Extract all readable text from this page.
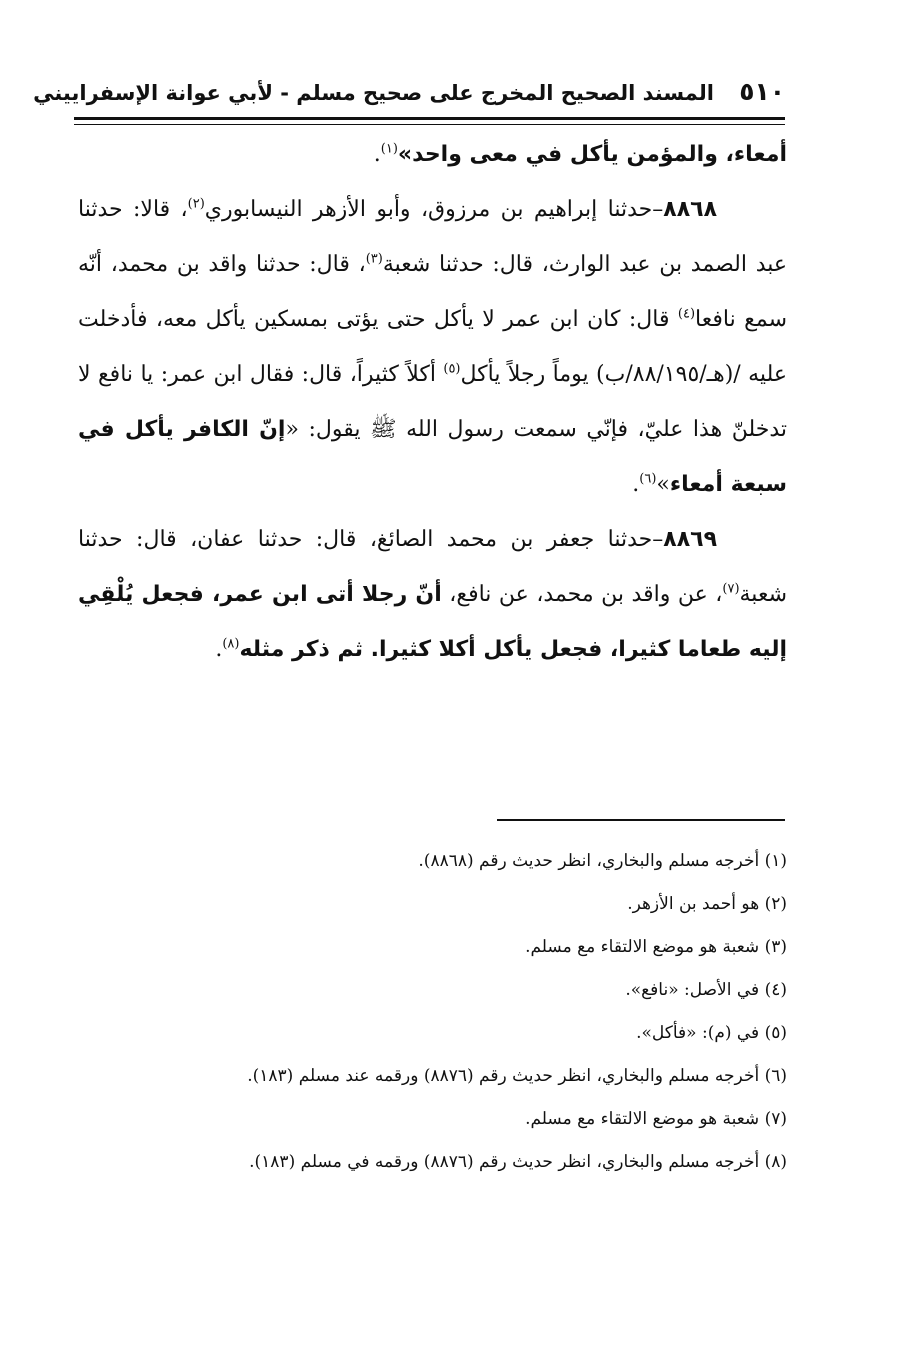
٥١٠ المسند الصحيح المخرج على صحيح مسلم - لأبي عوانة الإسفراييني

أمعاء، والمؤمن يأكل في معى واحد»$^{(١)}$.

٨٨٦٨–حدثنا إبراهيم بن مرزوق، وأبو الأزهر النيسابوري$^{(٢)}$، قالا: حدثنا عبد الصمد بن عبد الوارث، قال: حدثنا شعبة$^{(٣)}$، قال: حدثنا واقد بن محمد، أنّه سمع نافعا$^{(٤)}$ قال: كان ابن عمر لا يأكل حتى يؤتى بمسكين يأكل معه، فأدخلت عليه /(هـ/٨٨/١٩٥/ب) يوماً رجلاً يأكل$^{(٥)}$ أكلاً كثيراً، قال: فقال ابن عمر: يا نافع لا تدخلنّ هذا عليّ، فإنّي سمعت رسول الله ﷺ يقول: «إنّ الكافر يأكل في سبعة أمعاء»$^{(٦)}$.

٨٨٦٩–حدثنا جعفر بن محمد الصائغ، قال: حدثنا عفان، قال: حدثنا شعبة$^{(٧)}$، عن واقد بن محمد، عن نافع، أنّ رجلا أتى ابن عمر، فجعل يُلْقِي إليه طعاما كثيرا، فجعل يأكل أكلا كثيرا. ثم ذكر مثله$^{(٨)}$.

(١) أخرجه مسلم والبخاري، انظر حديث رقم (٨٨٦٨).
(٢) هو أحمد بن الأزهر.
(٣) شعبة هو موضع الالتقاء مع مسلم.
(٤) في الأصل: «نافع».
(٥) في (م): «فأكل».
(٦) أخرجه مسلم والبخاري، انظر حديث رقم (٨٨٧٦) ورقمه عند مسلم (١٨٣).
(٧) شعبة هو موضع الالتقاء مع مسلم.
(٨) أخرجه مسلم والبخاري، انظر حديث رقم (٨٨٧٦) ورقمه في مسلم (١٨٣).
